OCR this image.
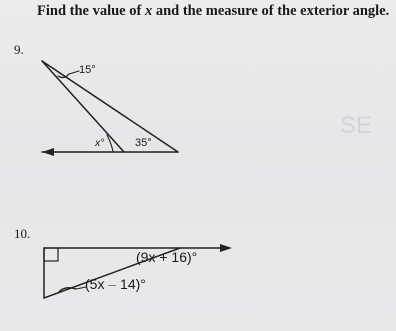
Find the value of x and the measure of the exterior angle.
9.
10.
15°
x°	35°
(9x + 16)°
(5x – 14)°
SE
